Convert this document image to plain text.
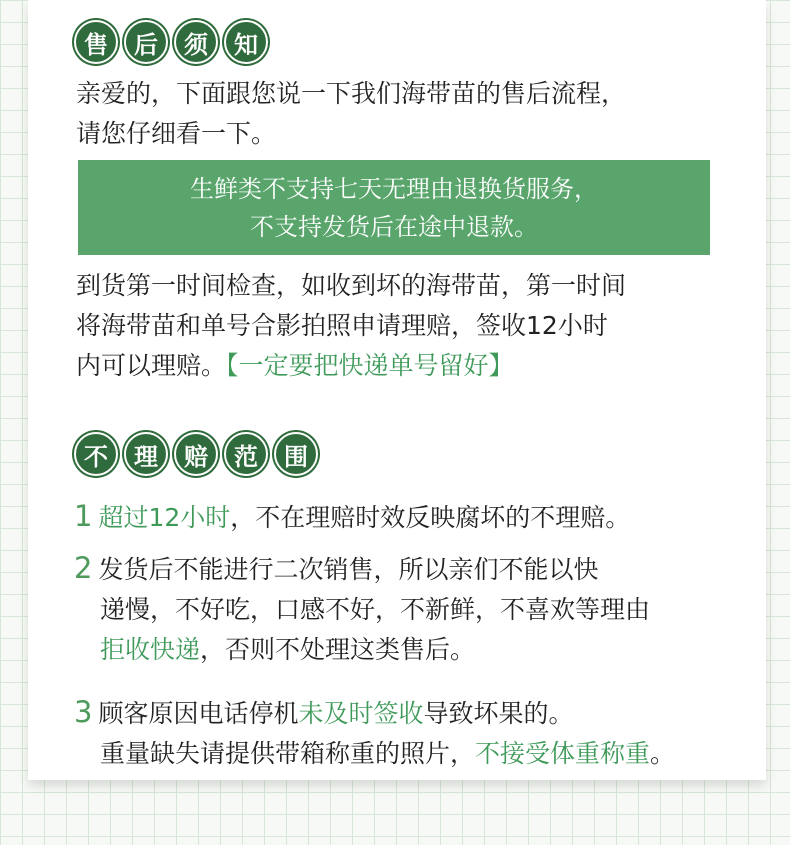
售	后	须	知
亲爱的，下面跟您说一下我们海带苗的售后流程，
请您仔细看一下。
生鲜类不支持七天无理由退换货服务，
不支持发货后在途中退款。
到货第一时间检查，如收到坏的海带苗，第一时间
将海带苗和单号合影拍照申请理赔，签收12小时
内可以理赔。【一定要把快递单号留好】
不	理	赔	范	围
1 超过12小时，不在理赔时效反映腐坏的不理赔。
2 发货后不能进行二次销售，所以亲们不能以快
递慢，不好吃，口感不好，不新鲜，不喜欢等理由
拒收快递，否则不处理这类售后。
3 顾客原因电话停机未及时签收导致坏果的。
重量缺失请提供带箱称重的照片，不接受体重称重。
